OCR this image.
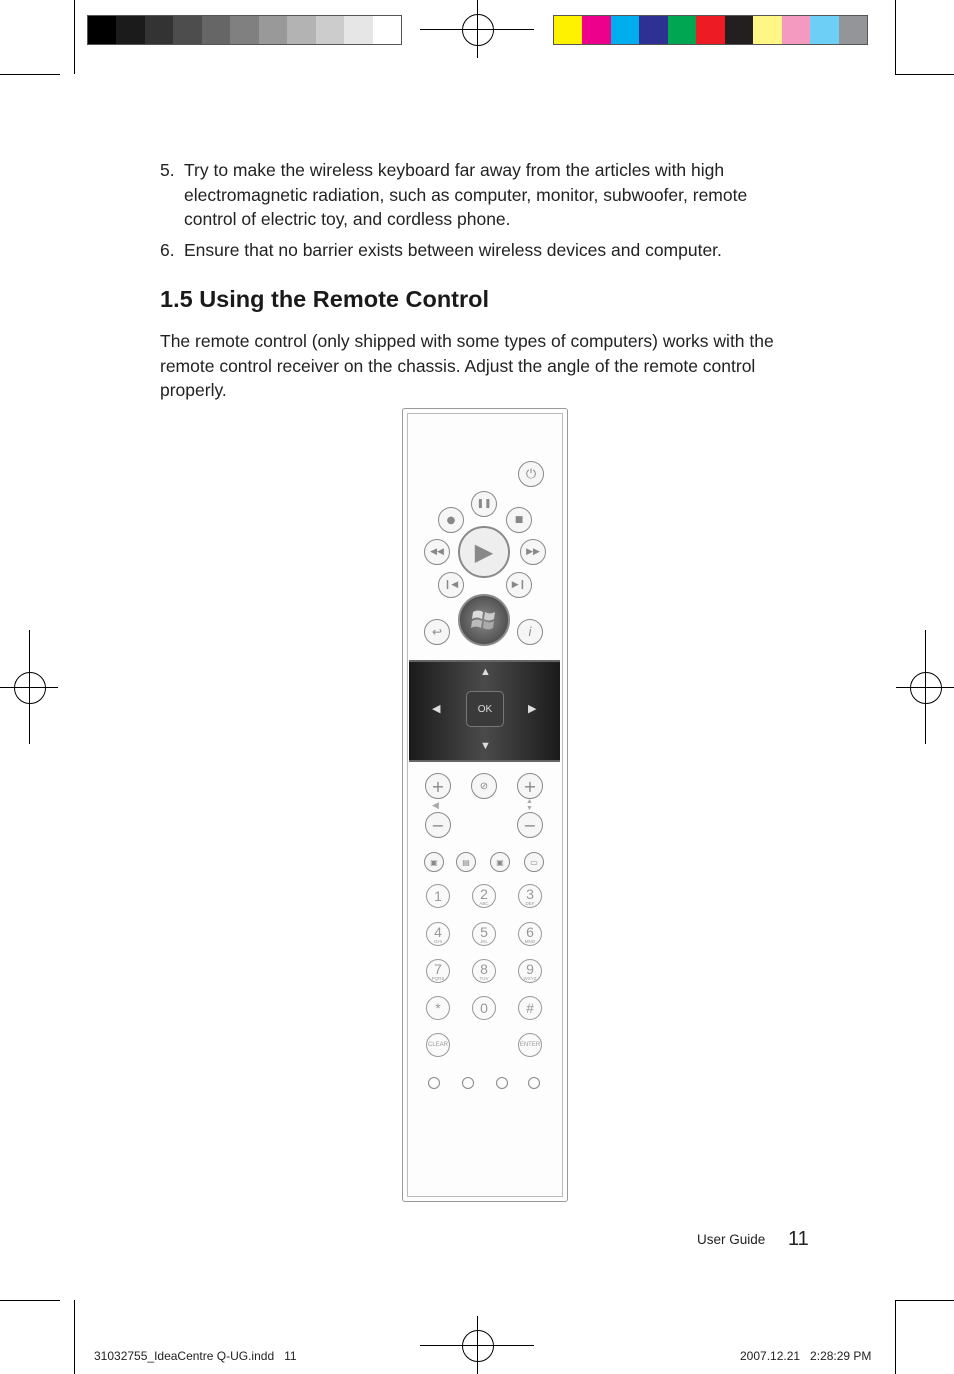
5. Try to make the wireless keyboard far away from the articles with high electromagnetic radiation, such as computer, monitor, subwoofer, remote control of electric toy, and cordless phone.
6. Ensure that no barrier exists between wireless devices and computer.
1.5 Using the Remote Control
The remote control (only shipped with some types of computers) works with the remote control receiver on the chassis. Adjust the angle of the remote control properly.
⏻
❚❚
●	■
◀◀	▶	▶▶
❙◀	▶❙
↩	i
▲
▼
◀	▶
OK
+	⊘	+
◀	▲
▼
−	−
▣	▤	▣	▭
1	2
ABC
3
DEF
4
GHI
5
JKL
6
MNO
7
PQRS
8
TUV
9
WXYZ
*	0	#
CLEAR	ENTER
User Guide 11
31032755_IdeaCentre Q-UG.indd   11	2007.12.21   2:28:29 PM
